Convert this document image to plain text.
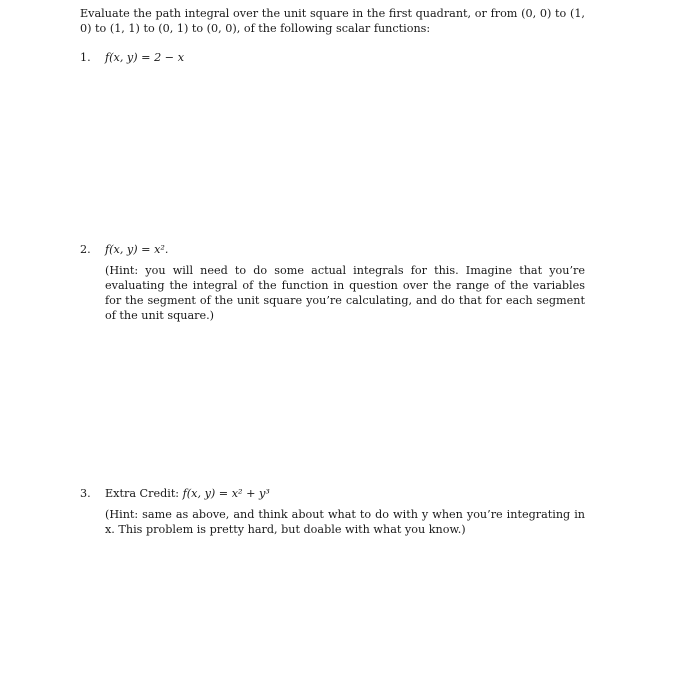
Evaluate the path integral over the unit square in the first quadrant, or from (0, 0) to (1, 0) to (1, 1) to (0, 1) to (0, 0), of the following scalar functions:
1.	f(x, y) = 2 − x
2.	f(x, y) = x².
(Hint: you will need to do some actual integrals for this. Imagine that you’re evaluating the integral of the function in question over the range of the variables for the segment of the unit square you’re calculating, and do that for each segment of the unit square.)
3.	Extra Credit: f(x, y) = x² + y³
(Hint: same as above, and think about what to do with y when you’re integrating in x. This problem is pretty hard, but doable with what you know.)
